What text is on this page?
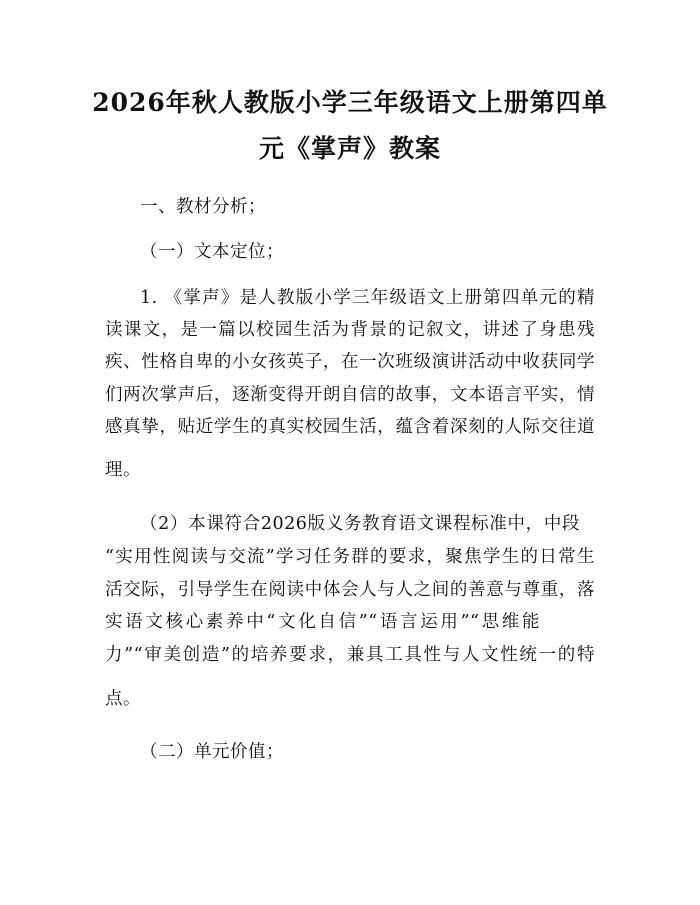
2026年秋人教版小学三年级语文上册第四单
元《掌声》教案
一、教材分析；
（一）文本定位；
1. 《掌声》是人教版小学三年级语文上册第四单元的精
读课文，是一篇以校园生活为背景的记叙文，讲述了身患残
疾、性格自卑的小女孩英子，在一次班级演讲活动中收获同学
们两次掌声后，逐渐变得开朗自信的故事，文本语言平实，情
感真挚，贴近学生的真实校园生活，蕴含着深刻的人际交往道
理。
（2）本课符合2026版义务教育语文课程标准中，中段
“实用性阅读与交流”学习任务群的要求，聚焦学生的日常生
活交际，引导学生在阅读中体会人与人之间的善意与尊重，落
实语文核心素养中“文化自信”“语言运用”“思维能
力”“审美创造”的培养要求，兼具工具性与人文性统一的特
点。
（二）单元价值；
